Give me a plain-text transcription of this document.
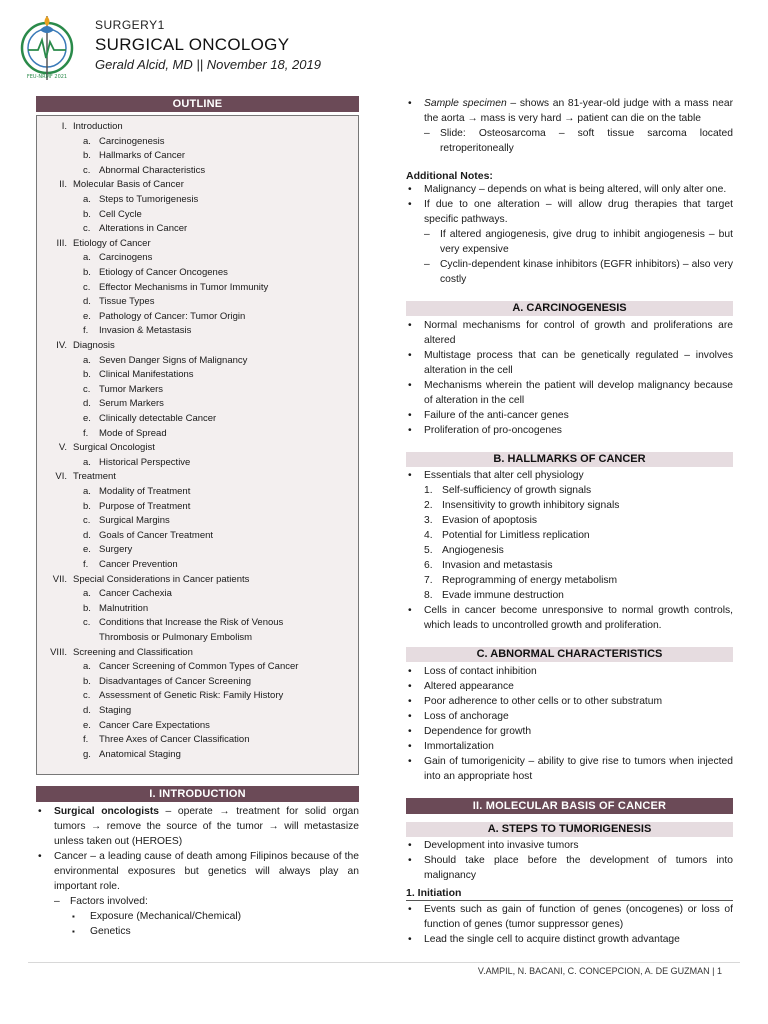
FEU-NRMF 2021
SURGERY1
SURGICAL ONCOLOGY
Gerald Alcid, MD || November 18, 2019
OUTLINE
I. Introduction
a. Carcinogenesis
b. Hallmarks of Cancer
c. Abnormal Characteristics
II. Molecular Basis of Cancer
a. Steps to Tumorigenesis
b. Cell Cycle
c. Alterations in Cancer
III. Etiology of Cancer
a. Carcinogens
b. Etiology of Cancer Oncogenes
c. Effector Mechanisms in Tumor Immunity
d. Tissue Types
e. Pathology of Cancer: Tumor Origin
f. Invasion & Metastasis
IV. Diagnosis
a. Seven Danger Signs of Malignancy
b. Clinical Manifestations
c. Tumor Markers
d. Serum Markers
e. Clinically detectable Cancer
f. Mode of Spread
V. Surgical Oncologist
a. Historical Perspective
VI. Treatment
a. Modality of Treatment
b. Purpose of Treatment
c. Surgical Margins
d. Goals of Cancer Treatment
e. Surgery
f. Cancer Prevention
VII. Special Considerations in Cancer patients
a. Cancer Cachexia
b. Malnutrition
c. Conditions that Increase the Risk of Venous
Thrombosis or Pulmonary Embolism
VIII. Screening and Classification
a. Cancer Screening of Common Types of Cancer
b. Disadvantages of Cancer Screening
c. Assessment of Genetic Risk: Family History
d. Staging
e. Cancer Care Expectations
f. Three Axes of Cancer Classification
g. Anatomical Staging
I. INTRODUCTION
• Surgical oncologists – operate → treatment for solid organ tumors → remove the source of the tumor → will metastasize unless taken out (HEROES)
• Cancer – a leading cause of death among Filipinos because of the environmental exposures but genetics will always play an important role.
– Factors involved:
▪ Exposure (Mechanical/Chemical)
▪ Genetics
• Sample specimen – shows an 81-year-old judge with a mass near the aorta → mass is very hard → patient can die on the table
– Slide: Osteosarcoma – soft tissue sarcoma located retroperitoneally
Additional Notes:
• Malignancy – depends on what is being altered, will only alter one.
• If due to one alteration – will allow drug therapies that target specific pathways.
– If altered angiogenesis, give drug to inhibit angiogenesis – but very expensive
– Cyclin-dependent kinase inhibitors (EGFR inhibitors) – also very costly
A. CARCINOGENESIS
• Normal mechanisms for control of growth and proliferations are altered
• Multistage process that can be genetically regulated – involves alteration in the cell
• Mechanisms wherein the patient will develop malignancy because of alteration in the cell
• Failure of the anti-cancer genes
• Proliferation of pro-oncogenes
B. HALLMARKS OF CANCER
• Essentials that alter cell physiology
1. Self-sufficiency of growth signals
2. Insensitivity to growth inhibitory signals
3. Evasion of apoptosis
4. Potential for Limitless replication
5. Angiogenesis
6. Invasion and metastasis
7. Reprogramming of energy metabolism
8. Evade immune destruction
• Cells in cancer become unresponsive to normal growth controls, which leads to uncontrolled growth and proliferation.
C. ABNORMAL CHARACTERISTICS
• Loss of contact inhibition
• Altered appearance
• Poor adherence to other cells or to other substratum
• Loss of anchorage
• Dependence for growth
• Immortalization
• Gain of tumorigenicity – ability to give rise to tumors when injected into an appropriate host
II. MOLECULAR BASIS OF CANCER
A. STEPS TO TUMORIGENESIS
• Development into invasive tumors
• Should take place before the development of tumors into malignancy
1. Initiation
• Events such as gain of function of genes (oncogenes) or loss of function of genes (tumor suppressor genes)
• Lead the single cell to acquire distinct growth advantage
V.AMPIL, N. BACANI, C. CONCEPCION, A. DE GUZMAN | 1
